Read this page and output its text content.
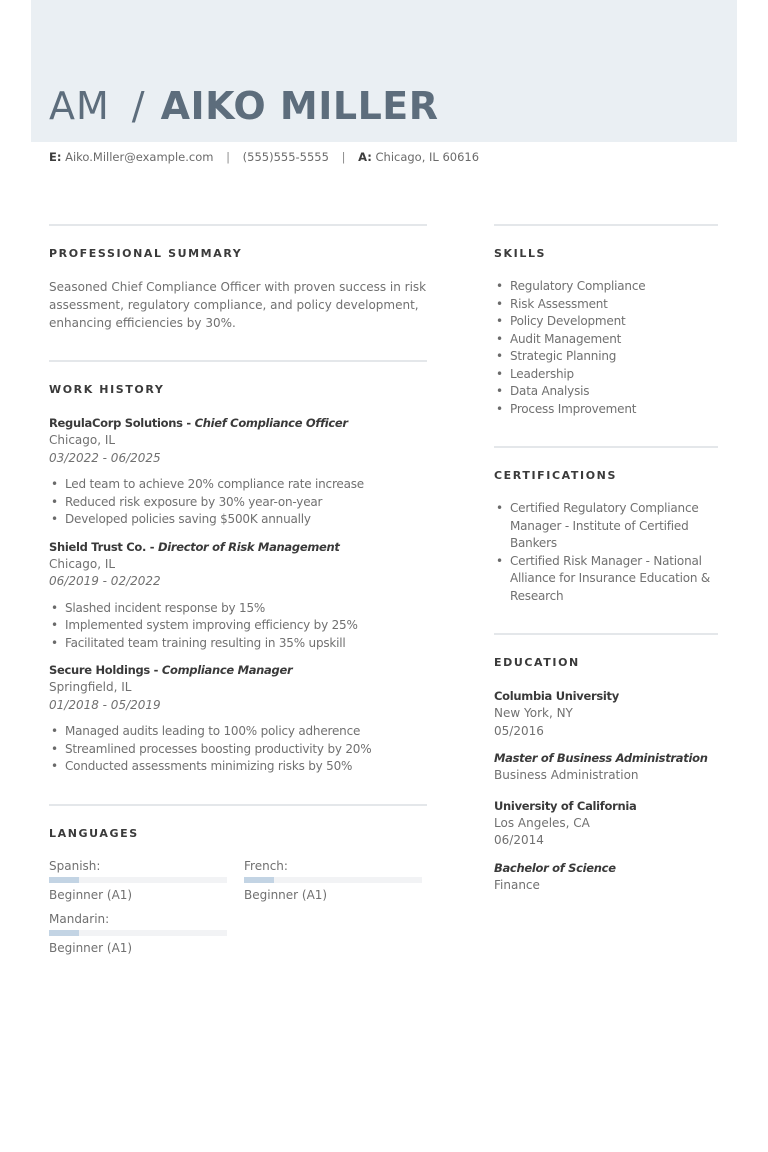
AM / AIKO MILLER
E: Aiko.Miller@example.com | (555)555-5555 | A: Chicago, IL 60616
PROFESSIONAL SUMMARY

Seasoned Chief Compliance Officer with proven success in risk assessment, regulatory compliance, and policy development, enhancing efficiencies by 30%.

WORK HISTORY
RegulaCorp Solutions - Chief Compliance Officer
Chicago, IL
03/2022 - 06/2025
• Led team to achieve 20% compliance rate increase
• Reduced risk exposure by 30% year-on-year
• Developed policies saving $500K annually
Shield Trust Co. - Director of Risk Management
Chicago, IL
06/2019 - 02/2022
• Slashed incident response by 15%
• Implemented system improving efficiency by 25%
• Facilitated team training resulting in 35% upskill
Secure Holdings - Compliance Manager
Springfield, IL
01/2018 - 05/2019
• Managed audits leading to 100% policy adherence
• Streamlined processes boosting productivity by 20%
• Conducted assessments minimizing risks by 50%
LANGUAGES
Spanish:
Beginner (A1)
French:
Beginner (A1)
Mandarin:
Beginner (A1)
SKILLS
• Regulatory Compliance
• Risk Assessment
• Policy Development
• Audit Management
• Strategic Planning
• Leadership
• Data Analysis
• Process Improvement
CERTIFICATIONS
• Certified Regulatory Compliance Manager - Institute of Certified Bankers
• Certified Risk Manager - National Alliance for Insurance Education & Research
EDUCATION
Columbia University
New York, NY
05/2016
Master of Business Administration
Business Administration
University of California
Los Angeles, CA
06/2014
Bachelor of Science
Finance
